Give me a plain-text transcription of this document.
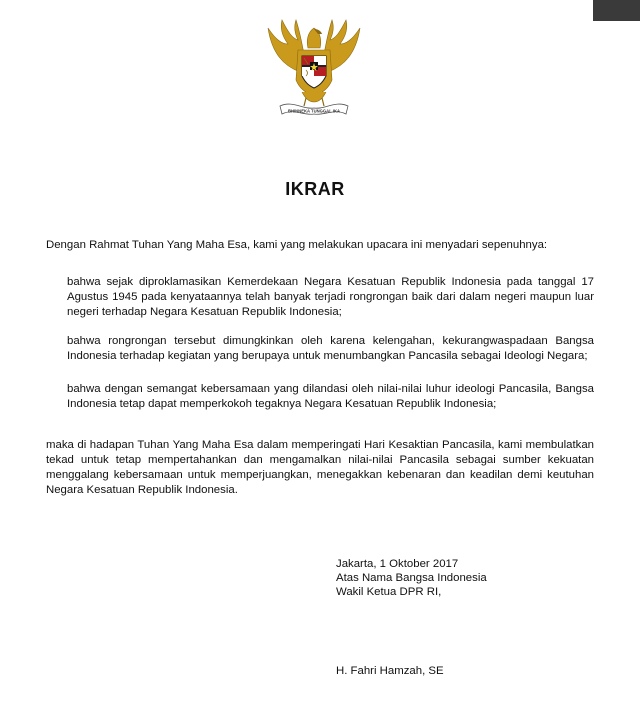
BHINNEKA TUNGGAL IKA
IKRAR

Dengan Rahmat Tuhan Yang Maha Esa, kami yang melakukan upacara ini menyadari sepenuhnya:

bahwa sejak diproklamasikan Kemerdekaan Negara Kesatuan Republik Indonesia pada tanggal 17 Agustus 1945 pada kenyataannya telah banyak terjadi rongrongan baik dari dalam negeri maupun luar negeri terhadap Negara Kesatuan Republik Indonesia;

bahwa rongrongan tersebut dimungkinkan oleh karena kelengahan, kekurangwaspadaan Bangsa Indonesia terhadap kegiatan yang berupaya untuk menumbangkan Pancasila sebagai Ideologi Negara;

bahwa dengan semangat kebersamaan yang dilandasi oleh nilai-nilai luhur ideologi Pancasila, Bangsa Indonesia tetap dapat memperkokoh tegaknya Negara Kesatuan Republik Indonesia;

maka di hadapan Tuhan Yang Maha Esa dalam memperingati Hari Kesaktian Pancasila, kami membulatkan tekad untuk tetap mempertahankan dan mengamalkan nilai-nilai Pancasila sebagai sumber kekuatan menggalang kebersamaan untuk memperjuangkan, menegakkan kebenaran dan keadilan demi keutuhan Negara Kesatuan Republik Indonesia.

Jakarta, 1 Oktober 2017
Atas Nama Bangsa Indonesia
Wakil Ketua DPR RI,
H. Fahri Hamzah, SE
